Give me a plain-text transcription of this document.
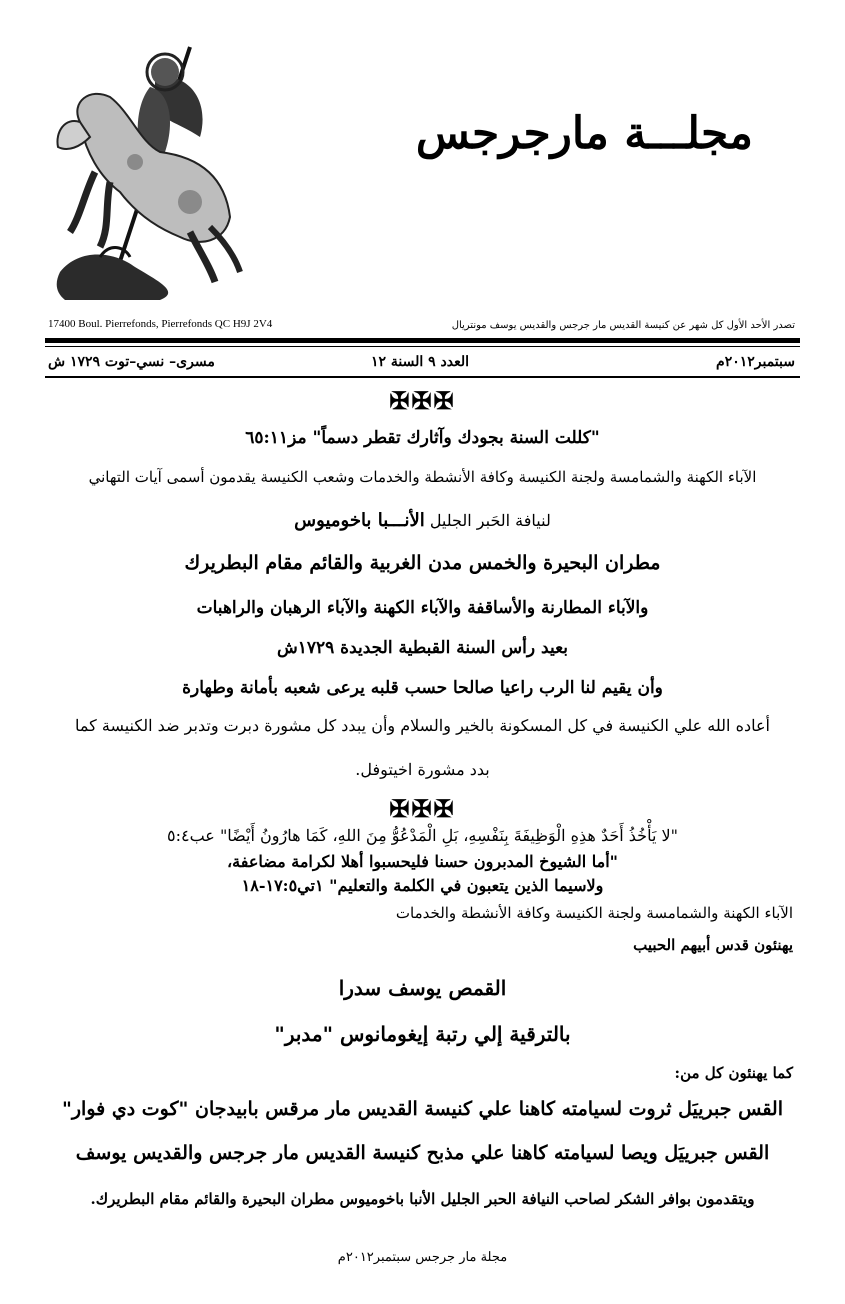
مجلـــة مارجرجس
17400 Boul. Pierrefonds, Pierrefonds QC H9J 2V4	تصدر الأحد الأول كل شهر عن كنيسة القديس مار جرجس والقديس يوسف مونتريال
سبتمبر٢٠١٢م
العدد ٩ السنة ١٢
مسرى– نسي–توت ١٧٢٩ ش
✠✠✠
"كللت السنة بجودك وآثارك تقطر دسماً" مز٦٥:١١
الآباء الكهنة والشمامسة ولجنة الكنيسة وكافة الأنشطة والخدمات وشعب الكنيسة يقدمون أسمى آيات التهاني
لنيافة الحَبر الجليل الأنـــبا باخوميوس
مطران البحيرة والخمس مدن الغربية والقائم مقام البطريرك
والآباء المطارنة والأساقفة والآباء الكهنة والآباء الرهبان والراهبات
بعيد رأس السنة القبطية الجديدة ١٧٢٩ش
وأن يقيم لنا الرب راعيا صالحا حسب قلبه يرعى شعبه بأمانة وطهارة
أعاده الله علي الكنيسة في كل المسكونة بالخير والسلام وأن يبدد كل مشورة دبرت وتدبر ضد الكنيسة كما
بدد مشورة اخيتوفل.
✠✠✠
"لا يَأْخُذُ أَحَدٌ هذِهِ الْوَظِيفَةَ بِنَفْسِهِ، بَلِ الْمَدْعُوُّ مِنَ اللهِ، كَمَا هارُونُ أَيْضًا" عب٥:٤
"أما الشيوخ المدبرون حسنا فليحسبوا أهلا لكرامة مضاعفة،
ولاسيما الذين يتعبون في الكلمة والتعليم" ١تي١٧:٥-١٨
الآباء الكهنة والشمامسة ولجنة الكنيسة وكافة الأنشطة والخدمات
يهنئون قدس أبيهم الحبيب
القمص يوسف سدرا
بالترقية إلي رتبة إيغومانوس "مدبر"
كما يهنئون كل من:
القس جبرييَل ثروت لسيامته كاهنا علي كنيسة القديس مار مرقس بابيدجان "كوت دي فوار"
القس جبرييَل ويصا لسيامته كاهنا علي مذبح كنيسة القديس مار جرجس والقديس يوسف
ويتقدمون بوافر الشكر لصاحب النيافة الحبر الجليل الأنبا باخوميوس مطران البحيرة والقائم مقام البطريرك.
مجلة مار جرجس سبتمبر٢٠١٢م
